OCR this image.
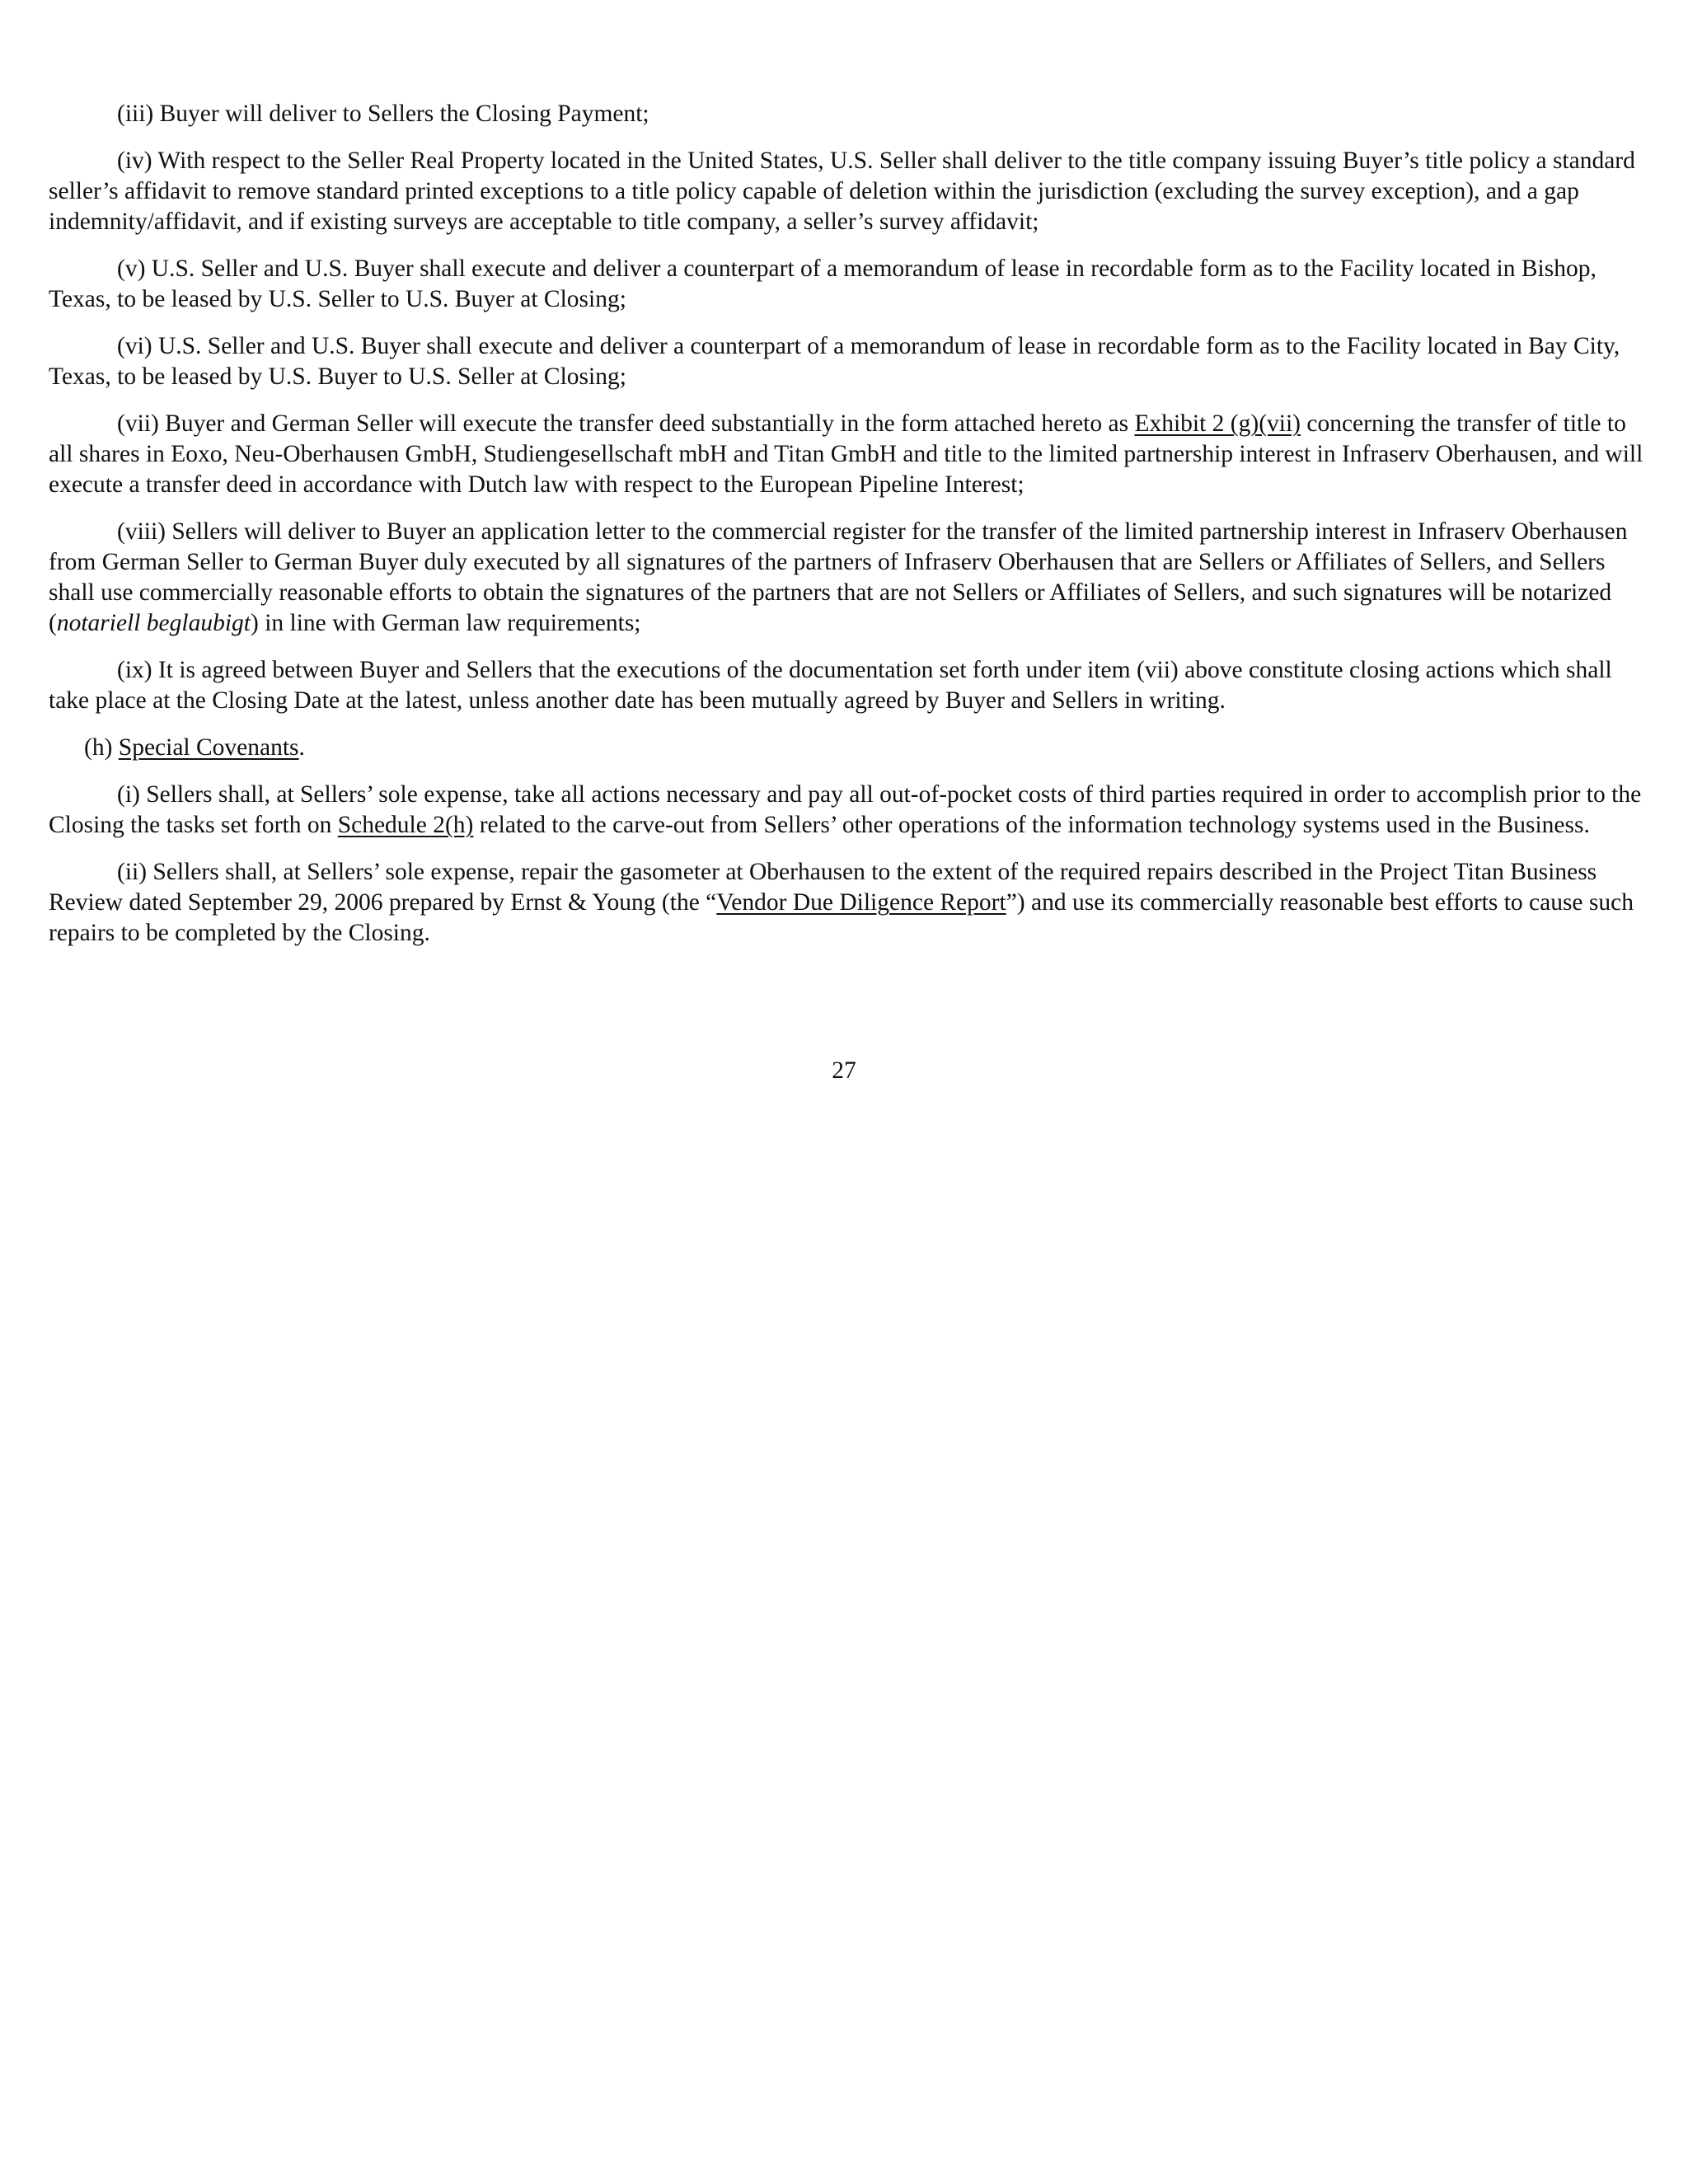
(iii) Buyer will deliver to Sellers the Closing Payment;

(iv) With respect to the Seller Real Property located in the United States, U.S. Seller shall deliver to the title company issuing Buyer’s title policy a standard seller’s affidavit to remove standard printed exceptions to a title policy capable of deletion within the jurisdiction (excluding the survey exception), and a gap indemnity/affidavit, and if existing surveys are acceptable to title company, a seller’s survey affidavit;

(v) U.S. Seller and U.S. Buyer shall execute and deliver a counterpart of a memorandum of lease in recordable form as to the Facility located in Bishop, Texas, to be leased by U.S. Seller to U.S. Buyer at Closing;

(vi) U.S. Seller and U.S. Buyer shall execute and deliver a counterpart of a memorandum of lease in recordable form as to the Facility located in Bay City, Texas, to be leased by U.S. Buyer to U.S. Seller at Closing;

(vii) Buyer and German Seller will execute the transfer deed substantially in the form attached hereto as Exhibit 2 (g)(vii) concerning the transfer of title to all shares in Eoxo, Neu-Oberhausen GmbH, Studiengesellschaft mbH and Titan GmbH and title to the limited partnership interest in Infraserv Oberhausen, and will execute a transfer deed in accordance with Dutch law with respect to the European Pipeline Interest;

(viii) Sellers will deliver to Buyer an application letter to the commercial register for the transfer of the limited partnership interest in Infraserv Oberhausen from German Seller to German Buyer duly executed by all signatures of the partners of Infraserv Oberhausen that are Sellers or Affiliates of Sellers, and Sellers shall use commercially reasonable efforts to obtain the signatures of the partners that are not Sellers or Affiliates of Sellers, and such signatures will be notarized (notariell beglaubigt) in line with German law requirements;

(ix) It is agreed between Buyer and Sellers that the executions of the documentation set forth under item (vii) above constitute closing actions which shall take place at the Closing Date at the latest, unless another date has been mutually agreed by Buyer and Sellers in writing.

(h) Special Covenants.

(i) Sellers shall, at Sellers’ sole expense, take all actions necessary and pay all out-of-pocket costs of third parties required in order to accomplish prior to the Closing the tasks set forth on Schedule 2(h) related to the carve-out from Sellers’ other operations of the information technology systems used in the Business.

(ii) Sellers shall, at Sellers’ sole expense, repair the gasometer at Oberhausen to the extent of the required repairs described in the Project Titan Business Review dated September 29, 2006 prepared by Ernst & Young (the “Vendor Due Diligence Report”) and use its commercially reasonable best efforts to cause such repairs to be completed by the Closing.

27
